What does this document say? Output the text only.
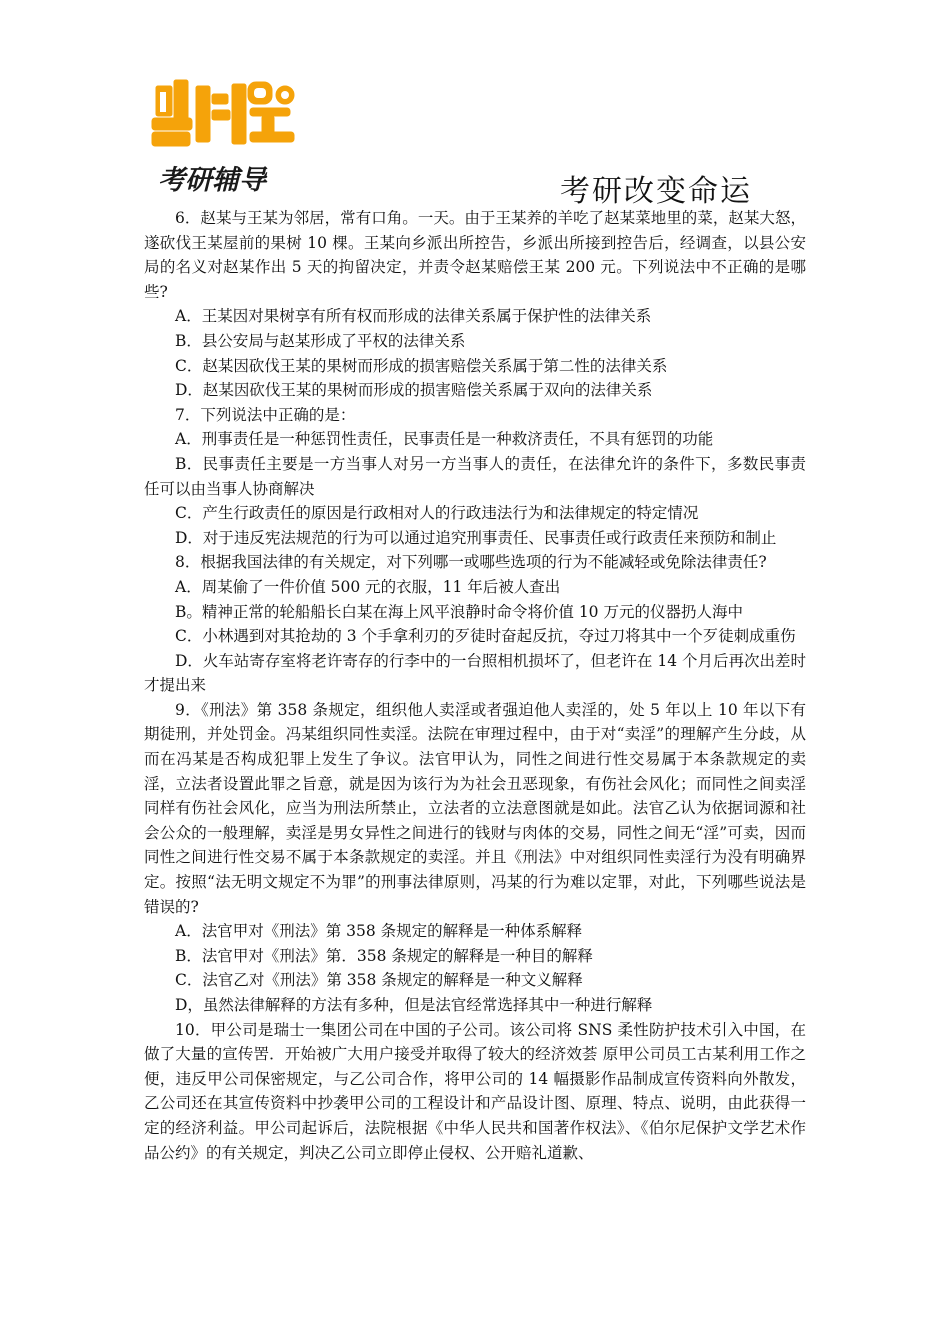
考研辅导	考研改变命运

6．赵某与王某为邻居，常有口角。一天。由于王某养的羊吃了赵某菜地里的菜，赵某大怒，遂砍伐王某屋前的果树 10 棵。王某向乡派出所控告，乡派出所接到控告后，经调查，以县公安局的名义对赵某作出 5 天的拘留决定，并责令赵某赔偿王某 200 元。下列说法中不正确的是哪些?

A．王某因对果树享有所有权而形成的法律关系属于保护性的法律关系

B．县公安局与赵某形成了平权的法律关系

C．赵某因砍伐王某的果树而形成的损害赔偿关系属于第二性的法律关系

D．赵某因砍伐王某的果树而形成的损害赔偿关系属于双向的法律关系

7．下列说法中正确的是：

A．刑事责任是一种惩罚性责任，民事责任是一种救济责任，不具有惩罚的功能

B．民事责任主要是一方当事人对另一方当事人的责任，在法律允许的条件下，多数民事责任可以由当事人协商解决

C．产生行政责任的原因是行政相对人的行政违法行为和法律规定的特定情况

D．对于违反宪法规范的行为可以通过追究刑事责任、民事责任或行政责任来预防和制止

8．根据我国法律的有关规定，对下列哪一或哪些选项的行为不能减轻或免除法律责任?

A．周某偷了一件价值 500 元的衣服，11 年后被人查出

B。精神正常的轮船船长白某在海上风平浪静时命令将价值 10 万元的仪器扔人海中

C．小林遇到对其抢劫的 3 个手拿利刃的歹徒时奋起反抗，夺过刀将其中一个歹徒刺成重伤

D．火车站寄存室将老许寄存的行李中的一台照相机损坏了，但老许在 14 个月后再次出差时才提出来

9．《刑法》第 358 条规定，组织他人卖淫或者强迫他人卖淫的，处 5 年以上 10 年以下有期徒刑，并处罚金。冯某组织同性卖淫。法院在审理过程中，由于对“卖淫”的理解产生分歧，从而在冯某是否构成犯罪上发生了争议。法官甲认为，同性之间进行性交易属于本条款规定的卖淫，立法者设置此罪之旨意，就是因为该行为为社会丑恶现象，有伤社会风化；而同性之间卖淫同样有伤社会风化，应当为刑法所禁止，立法者的立法意图就是如此。法官乙认为依据词源和社会公众的一般理解，卖淫是男女异性之间进行的钱财与肉体的交易，同性之间无“淫”可卖，因而同性之间进行性交易不属于本条款规定的卖淫。并且《刑法》中对组织同性卖淫行为没有明确界定。按照“法无明文规定不为罪”的刑事法律原则，冯某的行为难以定罪，对此，下列哪些说法是错误的?

A．法官甲对《刑法》第 358 条规定的解释是一种体系解释

B．法官甲对《刑法》第．358 条规定的解释是一种目的解释

C．法官乙对《刑法》第 358 条规定的解释是一种文义解释

D，虽然法律解释的方法有多种，但是法官经常选择其中一种进行解释

10．甲公司是瑞士一集团公司在中国的子公司。该公司将 SNS 柔性防护技术引入中国，在做了大量的宣传罟．开始被广大用户接受并取得了较大的经济效荟 原甲公司员工古某利用工作之便，违反甲公司保密规定，与乙公司合作，将甲公司的 14 幅摄影作品制成宣传资料向外散发，乙公司还在其宣传资料中抄袭甲公司的工程设计和产品设计图、原理、特点、说明，由此获得一定的经济利益。甲公司起诉后，法院根据《中华人民共和国著作权法》、《伯尔尼保护文学艺术作品公约》的有关规定，判决乙公司立即停止侵权、公开赔礼道歉、
